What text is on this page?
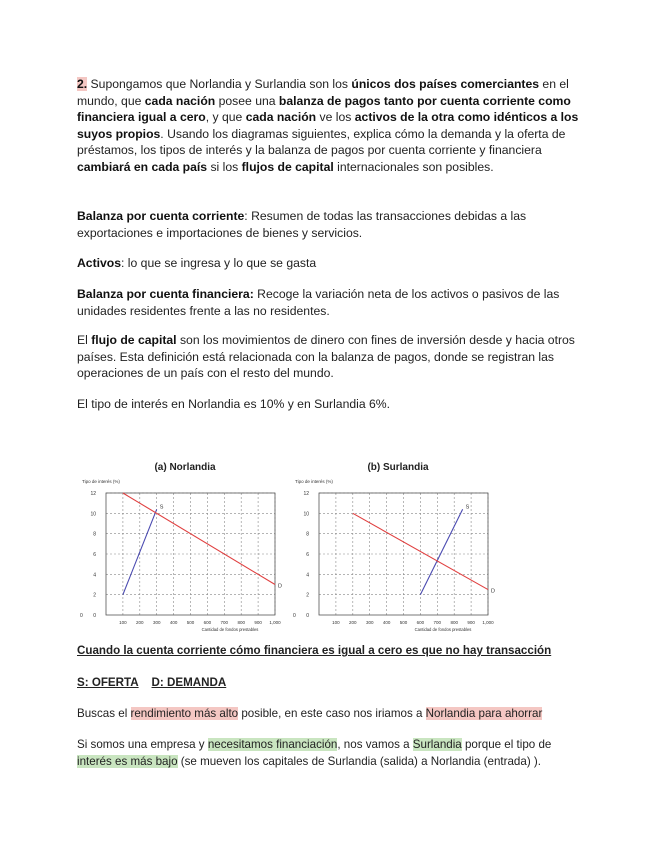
2. Supongamos que Norlandia y Surlandia son los únicos dos países comerciantes en el mundo, que cada nación posee una balanza de pagos tanto por cuenta corriente como financiera igual a cero, y que cada nación ve los activos de la otra como idénticos a los suyos propios. Usando los diagramas siguientes, explica cómo la demanda y la oferta de préstamos, los tipos de interés y la balanza de pagos por cuenta corriente y financiera cambiará en cada país si los flujos de capital internacionales son posibles.
Balanza por cuenta corriente: Resumen de todas las transacciones debidas a las exportaciones e importaciones de bienes y servicios.
Activos: lo que se ingresa y lo que se gasta
Balanza por cuenta financiera: Recoge la variación neta de los activos o pasivos de las unidades residentes frente a las no residentes.
El flujo de capital son los movimientos de dinero con fines de inversión desde y hacia otros países. Esta definición está relacionada con la balanza de pagos, donde se registran las operaciones de un país con el resto del mundo.
El tipo de interés en Norlandia es 10% y en Surlandia 6%.
(a) Norlandia
Tipo de interés (%)
0
2
4
6
8
10
12
100 200 300 400 500 600 700 800 900 1,000
0
Cantidad de fondos prestables
S
D
(b) Surlandia
Tipo de interés (%)
0
2
4
6
8
10
12
100 200 300 400 500 600 700 800 900 1,000
0
Cantidad de fondos prestables
S
D
Cuando la cuenta corriente cómo financiera es igual a cero es que no hay transacción
S: OFERTA D: DEMANDA
Buscas el rendimiento más alto posible, en este caso nos iriamos a Norlandia para ahorrar
Si somos una empresa y necesitamos financiación, nos vamos a Surlandia porque el tipo de interés es más bajo (se mueven los capitales de Surlandia (salida) a Norlandia (entrada) ).
